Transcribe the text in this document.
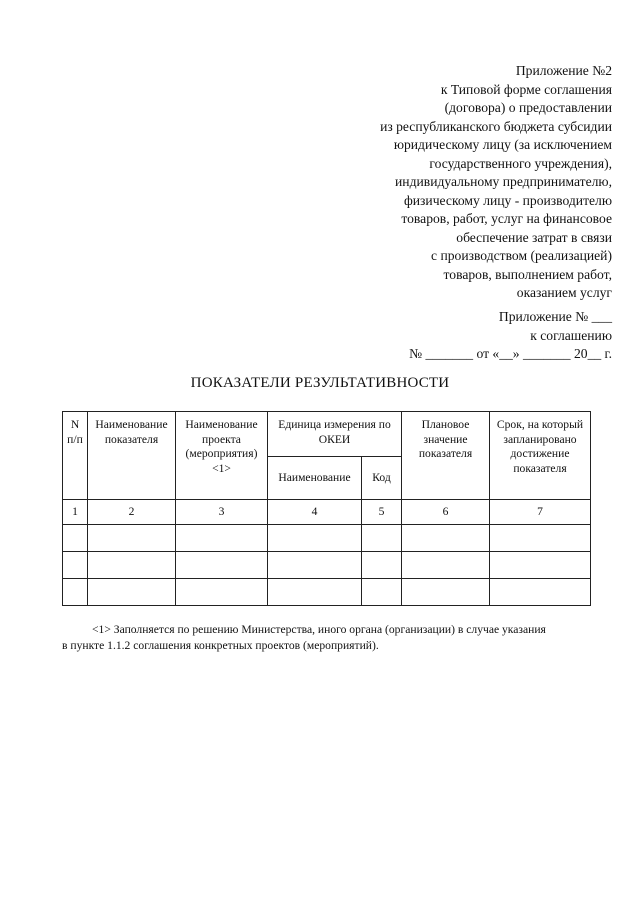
Приложение №2
к Типовой форме соглашения
(договора) о предоставлении
из республиканского бюджета субсидии
юридическому лицу (за исключением
государственного учреждения),
индивидуальному предпринимателю,
физическому лицу - производителю
товаров, работ, услуг на финансовое
обеспечение затрат в связи
с производством (реализацией)
товаров, выполнением работ,
оказанием услуг
Приложение № ___
к соглашению
№ _______ от «__» _______ 20__ г.
ПОКАЗАТЕЛИ РЕЗУЛЬТАТИВНОСТИ
N п/п	Наименование показателя	Наименование проекта (мероприятия) <1>	Единица измерения по ОКЕИ		Плановое значение показателя	Срок, на который запланировано достижение показателя
			Наименование	Код		
1	2	3	4	5	6	7

<1> Заполняется по решению Министерства, иного органа (организации) в случае указания
в пункте 1.1.2 соглашения конкретных проектов (мероприятий).
